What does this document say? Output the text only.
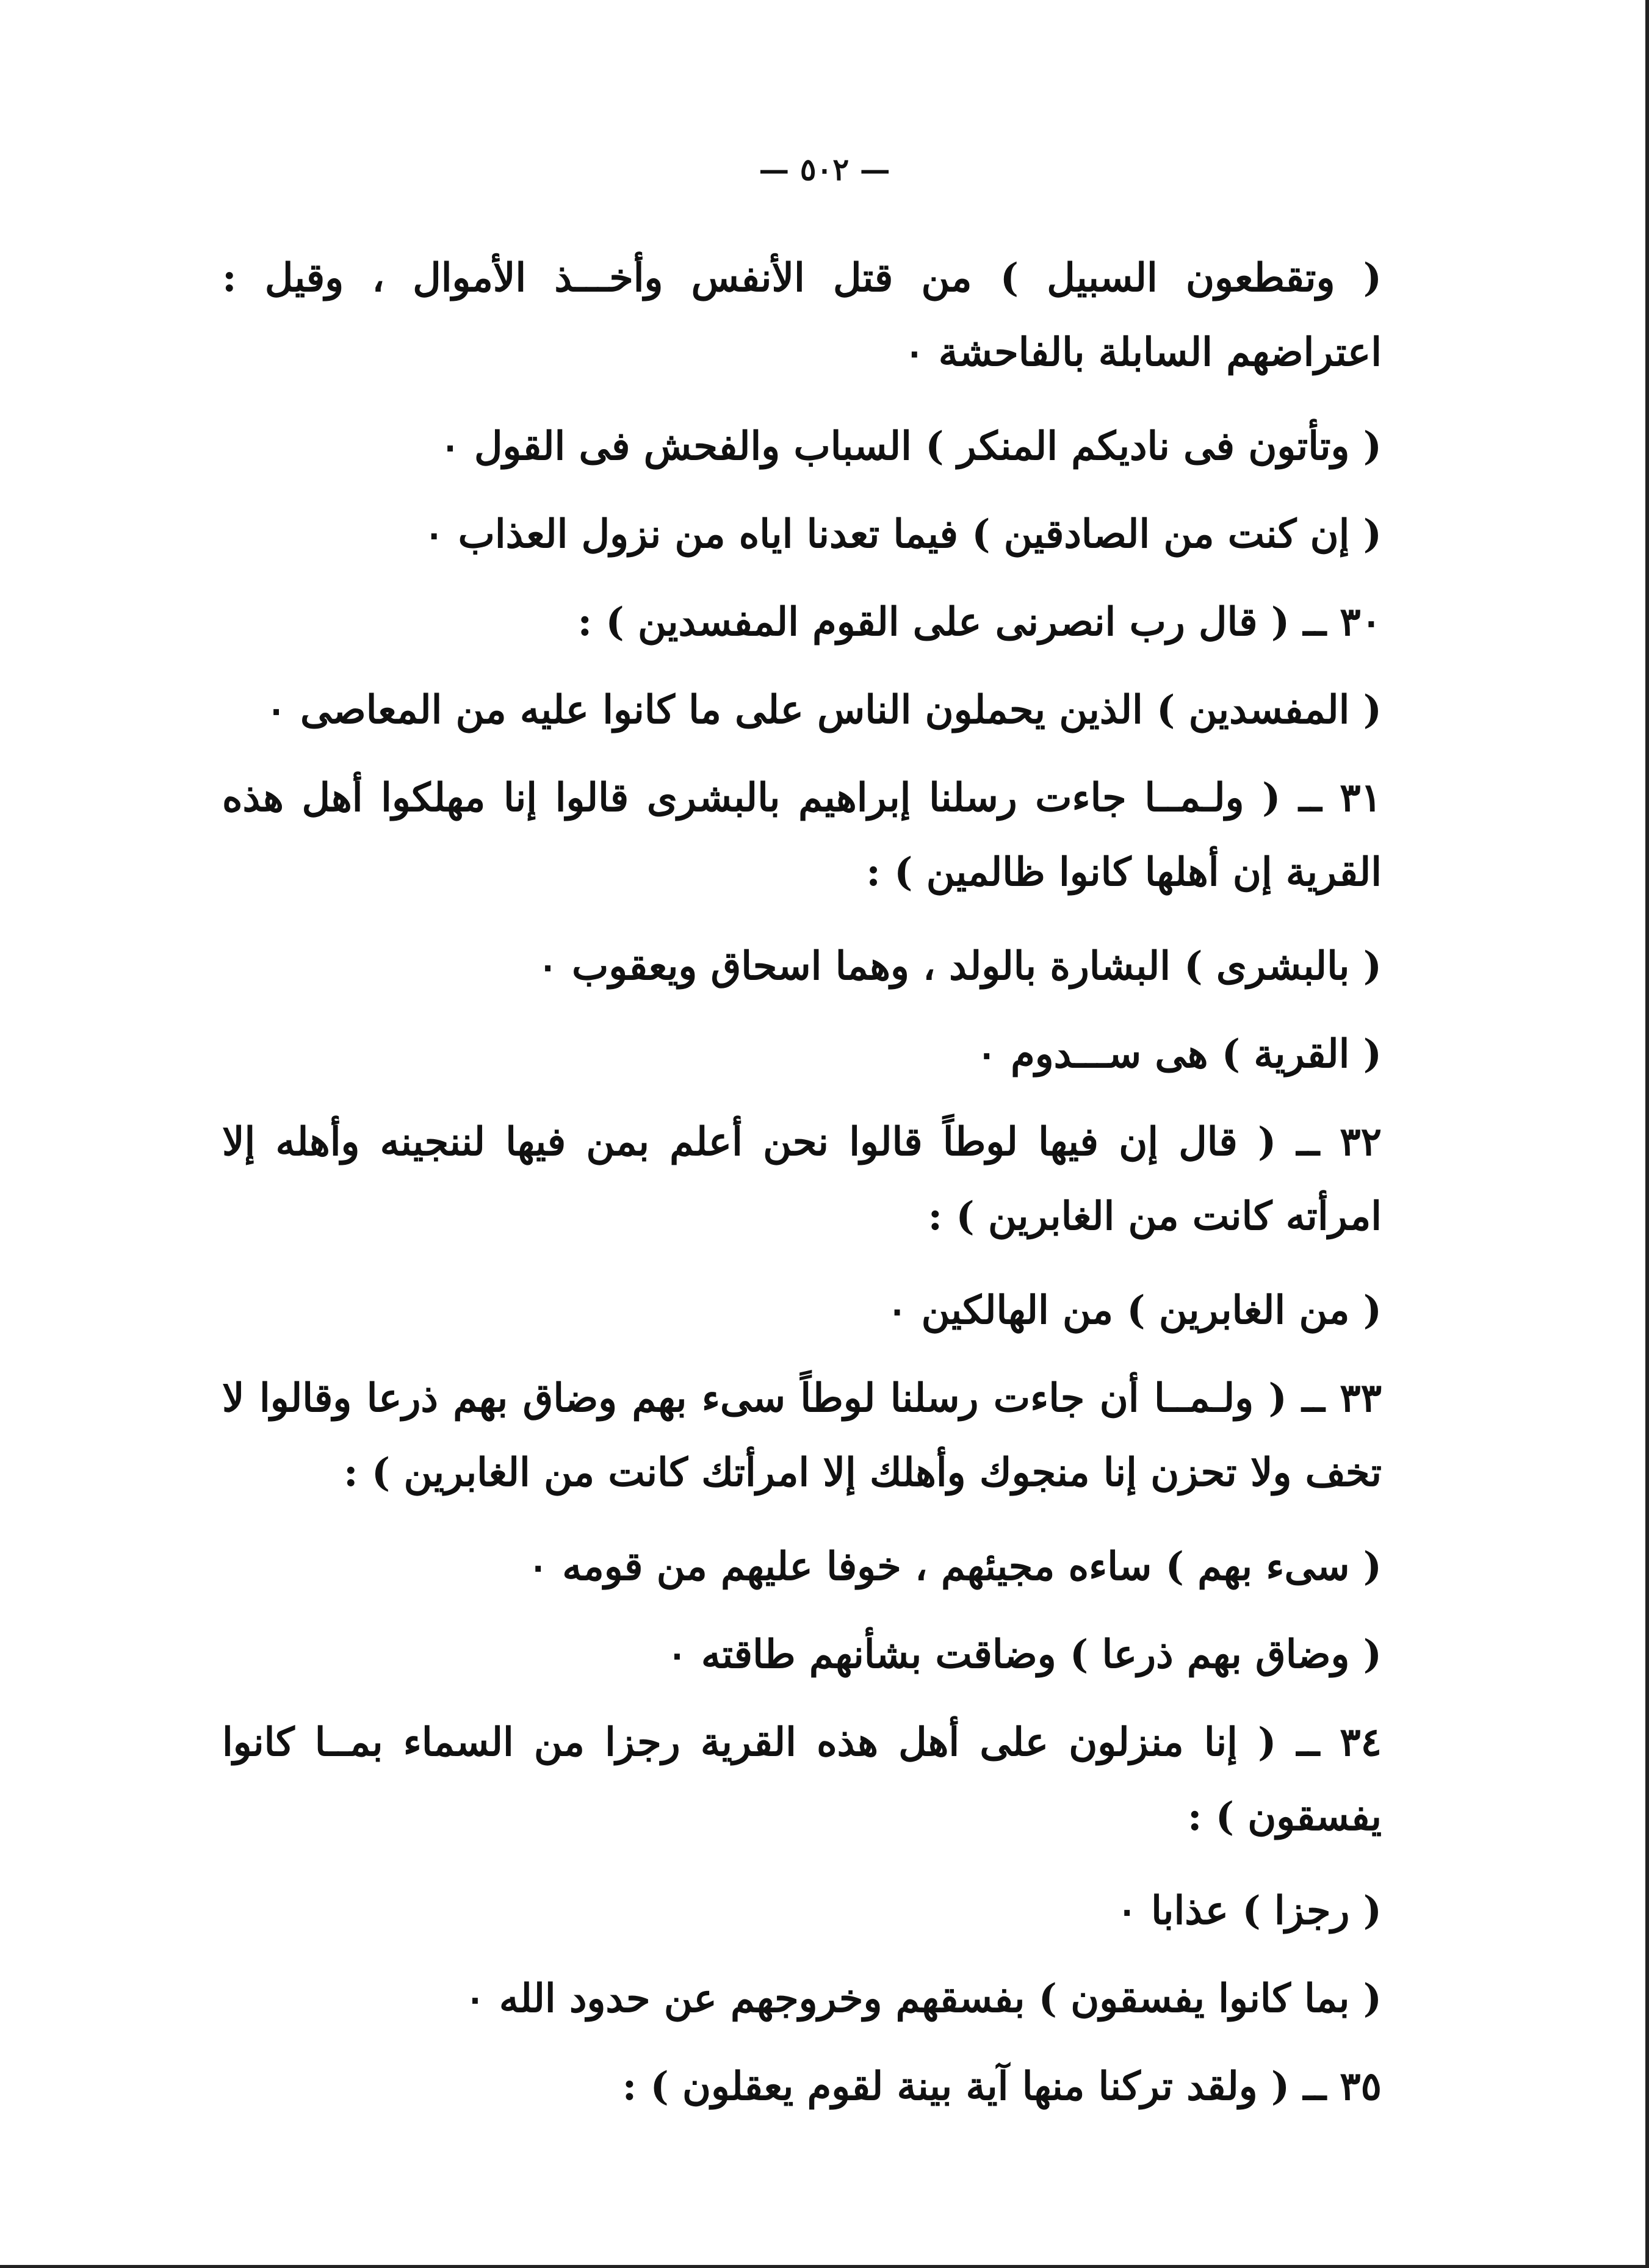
— ٥٠٢ —

( وتقطعون السبيل ) من قتل الأنفس وأخـــذ الأموال ، وقيل : اعتراضهم السابلة بالفاحشة ٠

( وتأتون فى ناديكم المنكر ) السباب والفحش فى القول ٠

( إن كنت من الصادقين ) فيما تعدنا اياه من نزول العذاب ٠

٣٠ ــ ( قال رب انصرنى على القوم المفسدين ) :

( المفسدين ) الذين يحملون الناس على ما كانوا عليه من المعاصى ٠

٣١ ــ ( ولـمــا جاءت رسلنا إبراهيم بالبشرى قالوا إنا مهلكوا أهل هذه القرية إن أهلها كانوا ظالمين ) :

( بالبشرى ) البشارة بالولد ، وهما اسحاق ويعقوب ٠

( القرية ) هى ســـدوم ٠

٣٢ ــ ( قال إن فيها لوطاً قالوا نحن أعلم بمن فيها لننجينه وأهله إلا امرأته كانت من الغابرين ) :

( من الغابرين ) من الهالكين ٠

٣٣ ــ ( ولـمــا أن جاءت رسلنا لوطاً سىء بهم وضاق بهم ذرعا وقالوا لا تخف ولا تحزن إنا منجوك وأهلك إلا امرأتك كانت من الغابرين ) :

( سىء بهم ) ساءه مجيئهم ، خوفا عليهم من قومه ٠

( وضاق بهم ذرعا ) وضاقت بشأنهم طاقته ٠

٣٤ ــ ( إنا منزلون على أهل هذه القرية رجزا من السماء بمــا كانوا يفسقون ) :

( رجزا ) عذابا ٠

( بما كانوا يفسقون ) بفسقهم وخروجهم عن حدود الله ٠

٣٥ ــ ( ولقد تركنا منها آية بينة لقوم يعقلون ) :
